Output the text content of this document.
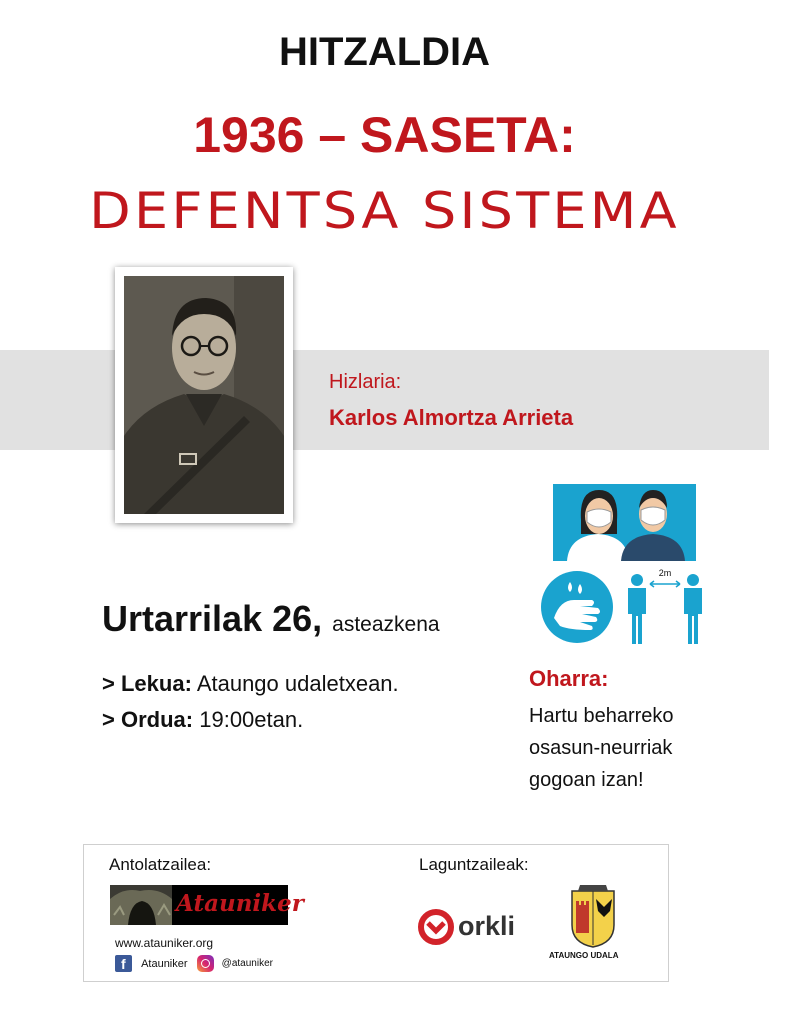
HITZALDIA
1936 – SASETA:
DEFENTSA SISTEMA
Hizlaria:
Karlos Almortza Arrieta
2m
Urtarrilak 26, asteazkena
> Lekua: Ataungo udaletxean.
> Ordua: 19:00etan.
Oharra:
Hartu beharreko
osasun-neurriak
gogoan izan!
Antolatzailea:	Laguntzaileak:
Atauniker
www.atauniker.org
f Atauniker	@atauniker
orkli
ATAUNGO UDALA
